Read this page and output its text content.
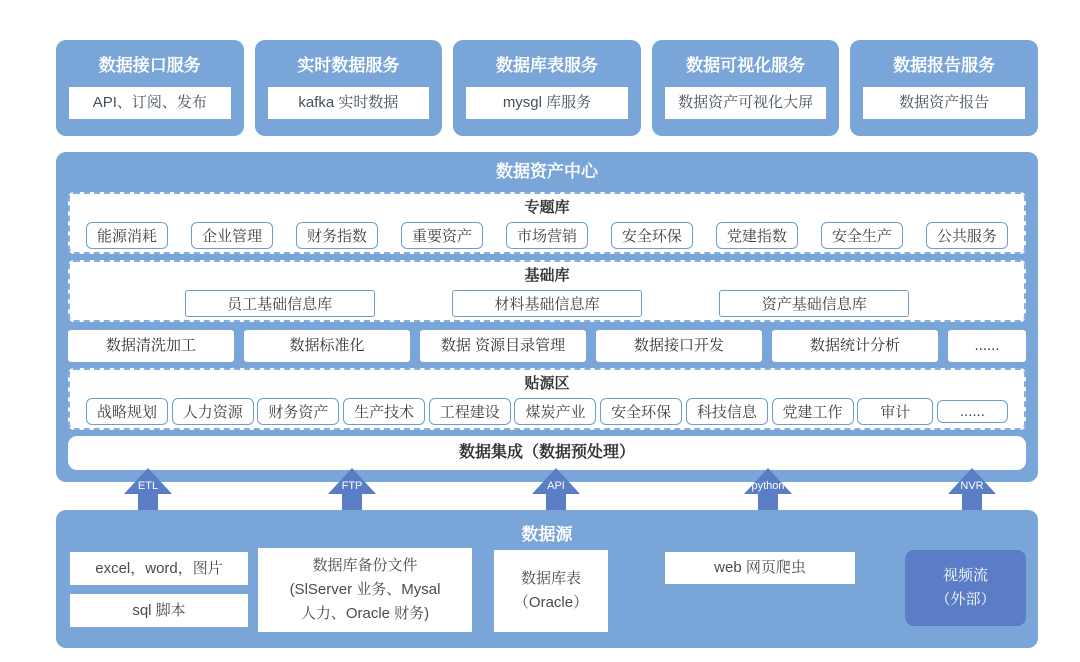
数据接口服务
API、订阅、发布
实时数据服务
kafka 实时数据
数据库表服务
mysgl 库服务
数据可视化服务
数据资产可视化大屏
数据报告服务
数据资产报告
数据资产中心
专题库
能源消耗	企业管理	财务指数	重要资产	市场营销	安全环保	党建指数	安全生产	公共服务
基础库
员工基础信息库	材料基础信息库	资产基础信息库
数据清洗加工	数据标准化	数据 资源目录管理	数据接口开发	数据统计分析	......
贴源区
战略规划	人力资源	财务资产	生产技术	工程建设	煤炭产业	安全环保	科技信息	党建工作	审计	......
数据集成（数据预处理）
ETL	FTP	API	python	NVR
数据源
excel，word，图片
sql 脚本
数据库备份文件
(SlServer 业务、Mysal
人力、Oracle 财务)
数据库表
（Oracle）
web 网页爬虫	视频流
（外部）
